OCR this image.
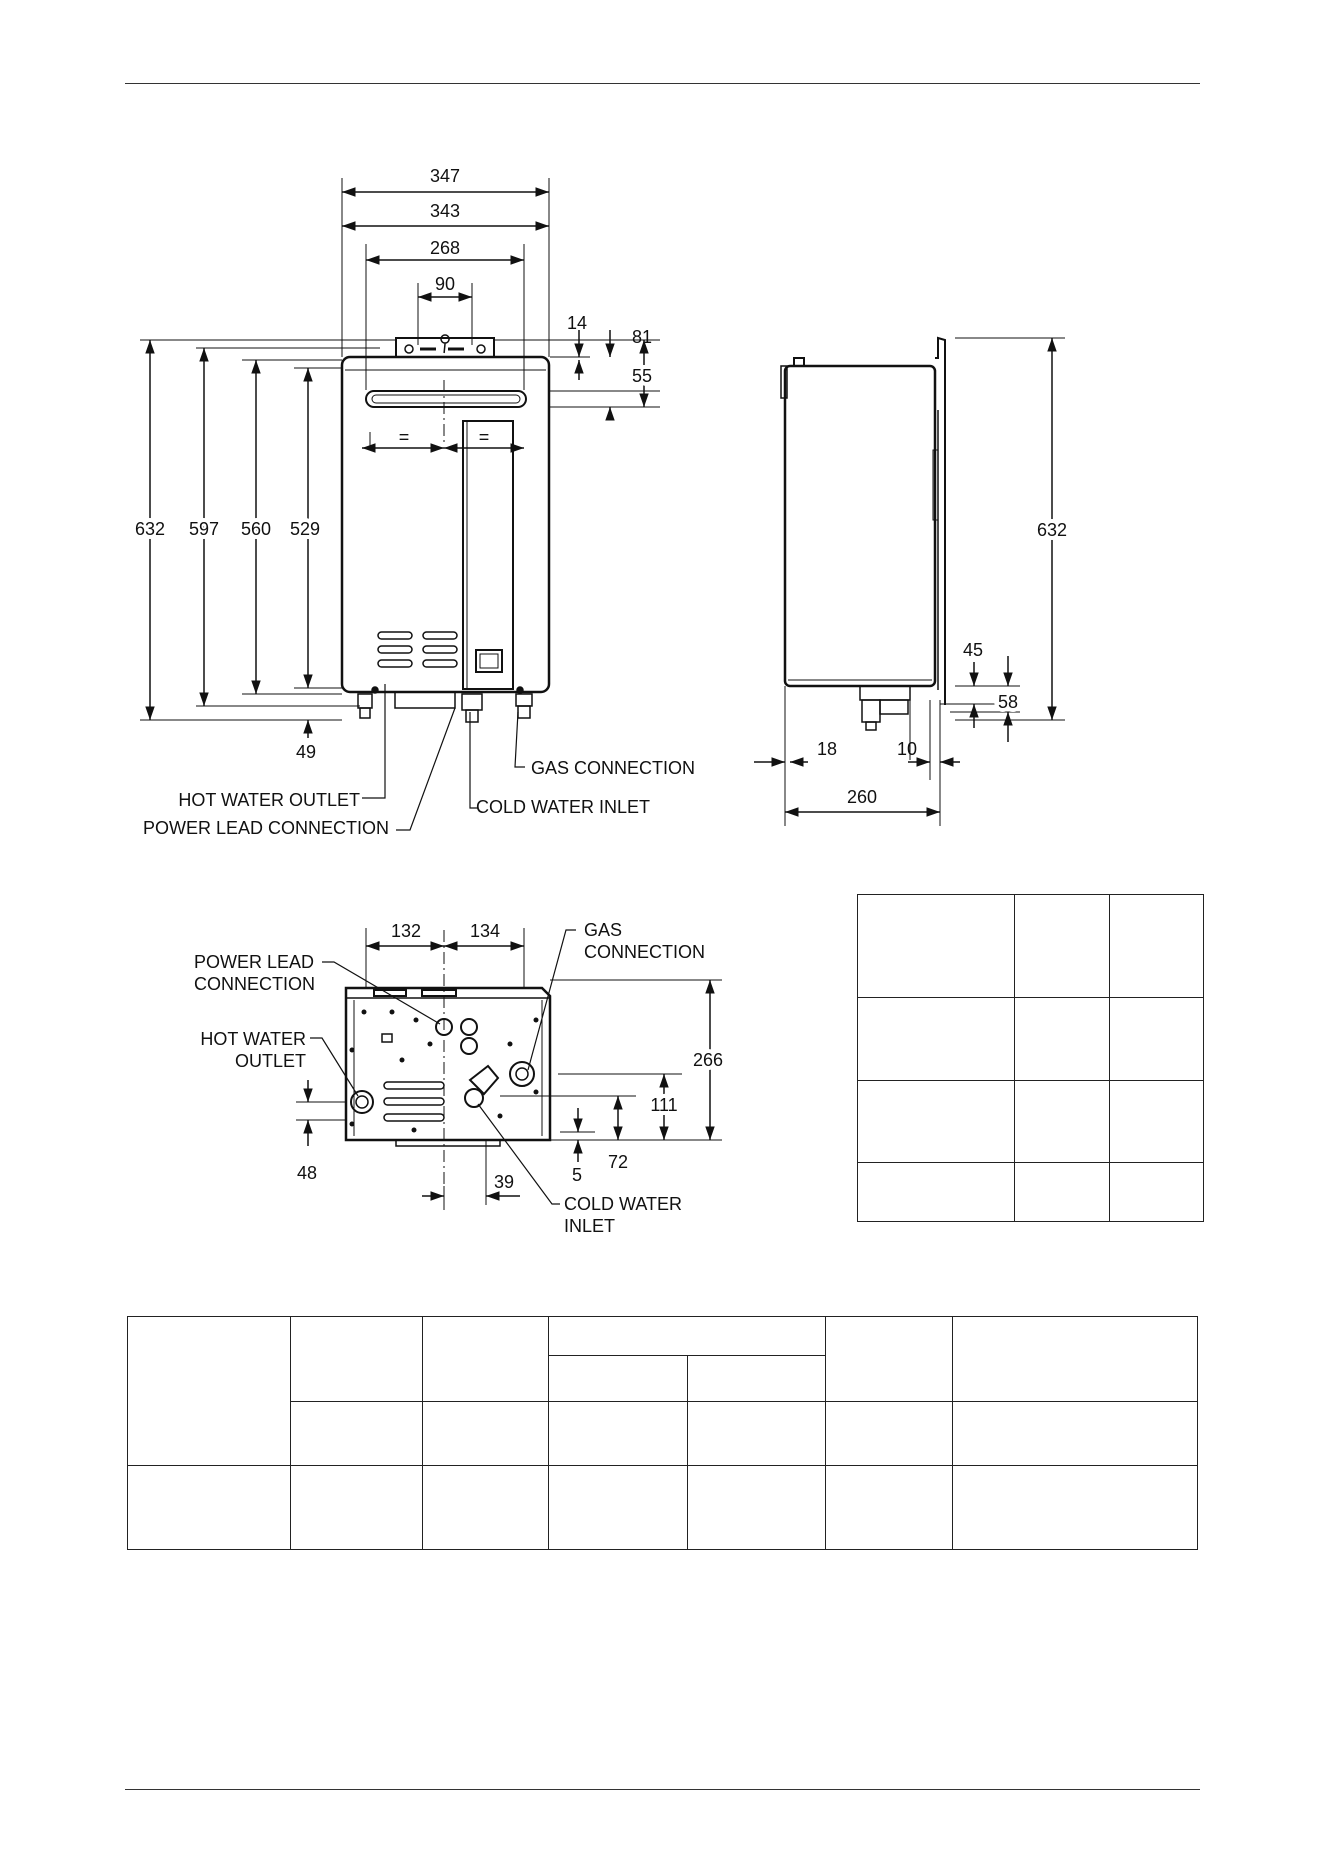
347
343
268
90
632 597 560 529
=	=
14
81
55
49
GAS CONNECTION
HOT WATER OUTLET	COLD WATER INLET
POWER LEAD CONNECTION
632
45
58
18	10
260
132	134
266
111
72
5
48	39
POWER LEAD
CONNECTION
GAS
CONNECTION
HOT WATER
OUTLET
COLD WATER
INLET
